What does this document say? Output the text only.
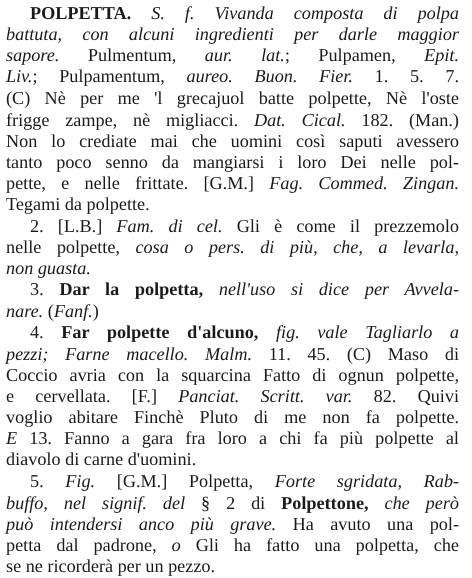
POLPETTA. S. f. Vivanda composta di polpa
battuta, con alcuni ingredienti per darle maggior
sapore. Pulmentum, aur. lat.; Pulpamen, Epit.
Liv.; Pulpamentum, aureo. Buon. Fier. 1. 5. 7.
(C) Nè per me 'l grecajuol batte polpette, Nè l'oste
frigge zampe, nè migliacci. Dat. Cical. 182. (Man.)
Non lo crediate mai che uomini così saputi avessero
tanto poco senno da mangiarsi i loro Dei nelle pol-
pette, e nelle frittate. [G.M.] Fag. Commed. Zingan.
Tegami da polpette.
2. [L.B.] Fam. di cel. Gli è come il prezzemolo
nelle polpette, cosa o pers. di più, che, a levarla,
non guasta.
3. Dar la polpetta, nell'uso si dice per Avvela-
nare. (Fanf.)
4. Far polpette d'alcuno, fig. vale Tagliarlo a
pezzi; Farne macello. Malm. 11. 45. (C) Maso di
Coccio avria con la squarcina Fatto di ognun polpette,
e cervellata. [F.] Panciat. Scritt. var. 82. Quivi
voglio abitare Finchè Pluto di me non fa polpette.
E 13. Fanno a gara fra loro a chi fa più polpette al
diavolo di carne d'uomini.
5. Fig. [G.M.] Polpetta, Forte sgridata, Rab-
buffo, nel signif. del § 2 di Polpettone, che però
può intendersi anco più grave. Ha avuto una pol-
petta dal padrone, o Gli ha fatto una polpetta, che
se ne ricorderà per un pezzo.
